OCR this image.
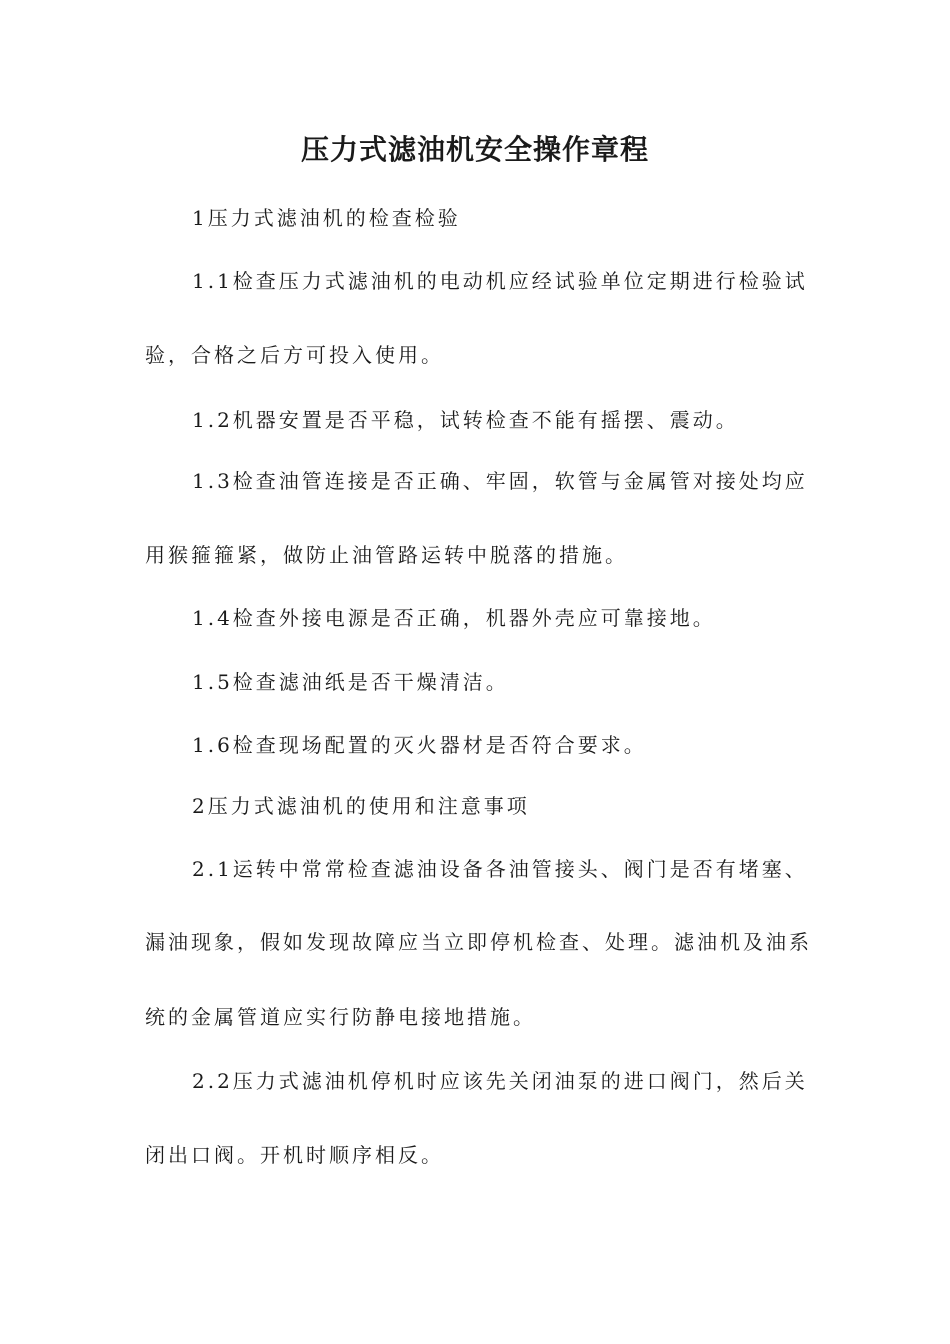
压力式滤油机安全操作章程
1压力式滤油机的检查检验
1.1检查压力式滤油机的电动机应经试验单位定期进行检验试
验，合格之后方可投入使用。
1.2机器安置是否平稳，试转检查不能有摇摆、震动。
1.3检查油管连接是否正确、牢固，软管与金属管对接处均应
用猴箍箍紧，做防止油管路运转中脱落的措施。
1.4检查外接电源是否正确，机器外壳应可靠接地。
1.5检查滤油纸是否干燥清洁。
1.6检查现场配置的灭火器材是否符合要求。
2压力式滤油机的使用和注意事项
2.1运转中常常检查滤油设备各油管接头、阀门是否有堵塞、
漏油现象，假如发现故障应当立即停机检查、处理。滤油机及油系
统的金属管道应实行防静电接地措施。
2.2压力式滤油机停机时应该先关闭油泵的进口阀门，然后关
闭出口阀。开机时顺序相反。
